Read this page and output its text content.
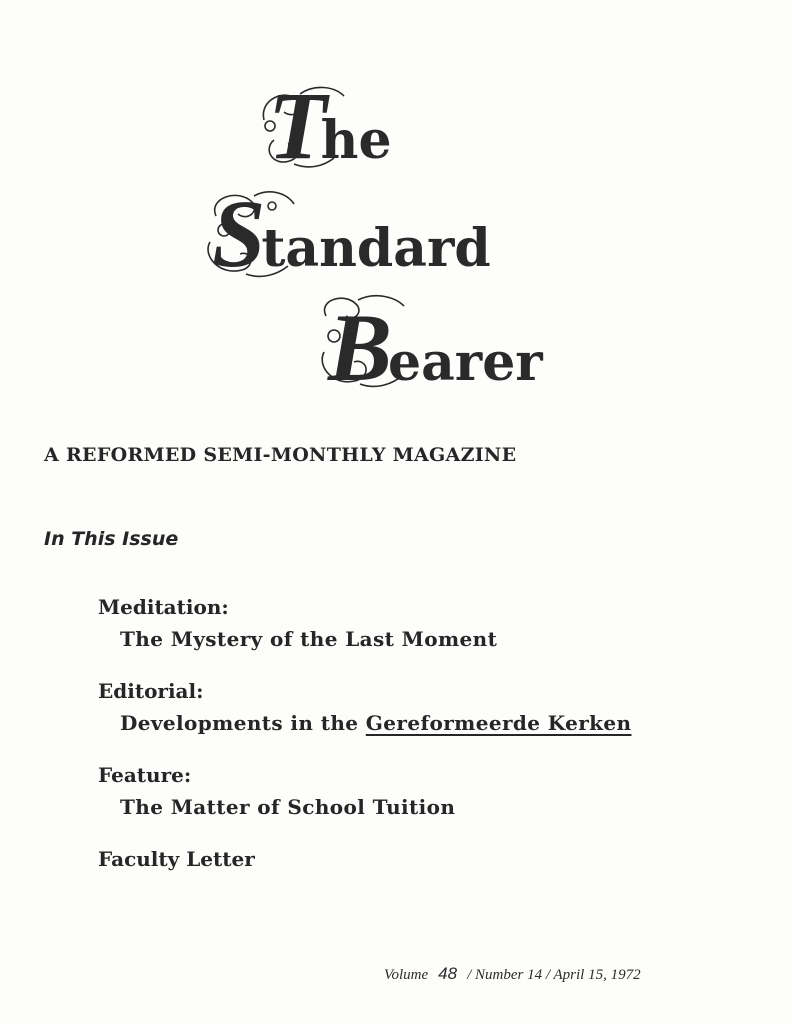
The
Standard
Bearer
A REFORMED SEMI-MONTHLY MAGAZINE
In This Issue
Meditation:
The Mystery of the Last Moment
Editorial:
Developments in the Gereformeerde Kerken
Feature:
The Matter of School Tuition
Faculty Letter
Volume 48 / Number 14 / April 15, 1972
